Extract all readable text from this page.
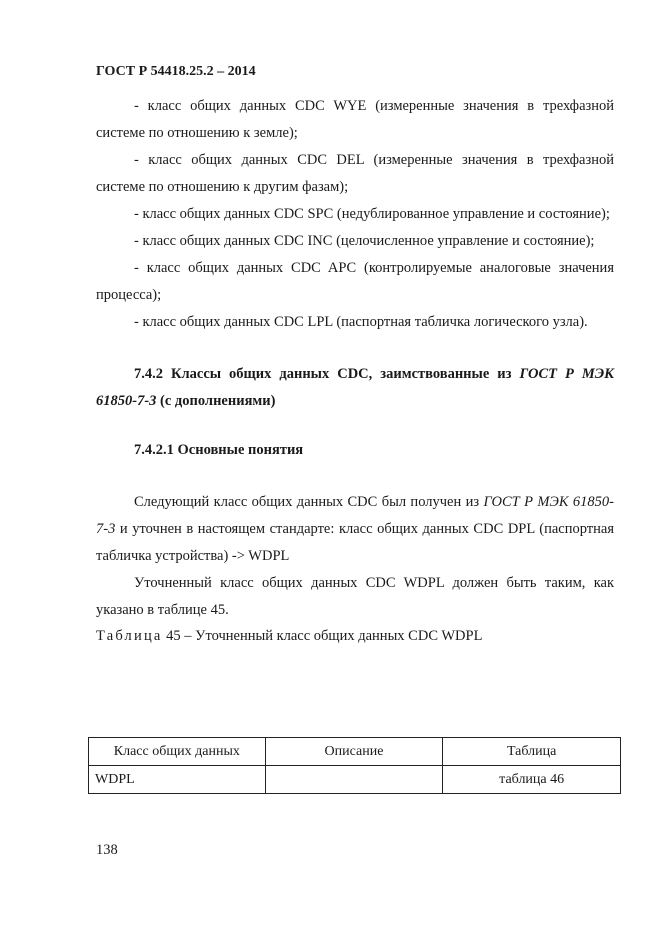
ГОСТ Р 54418.25.2 – 2014

- класс общих данных CDC WYE (измеренные значения в трехфазной системе по отношению к земле);

- класс общих данных CDC DEL (измеренные значения в трехфазной системе по отношению к другим фазам);

- класс общих данных CDC SPC (недублированное управление и состояние);

- класс общих данных CDC INC (целочисленное управление и состояние);

- класс общих данных CDC APC (контролируемые аналоговые значения процесса);

- класс общих данных CDC LPL (паспортная табличка логического узла).

7.4.2 Классы общих данных CDC, заимствованные из ГОСТ Р МЭК 61850-7-3 (с дополнениями)

7.4.2.1 Основные понятия

Следующий класс общих данных CDC был получен из ГОСТ Р МЭК 61850-7-3 и уточнен в настоящем стандарте: класс общих данных CDC DPL (паспортная табличка устройства) -> WDPL

Уточненный класс общих данных CDC WDPL должен быть таким, как указано в таблице 45.

Таблица 45 – Уточненный класс общих данных CDC WDPL

Класс общих данных	Описание	Таблица
WDPL		таблица 46
138
